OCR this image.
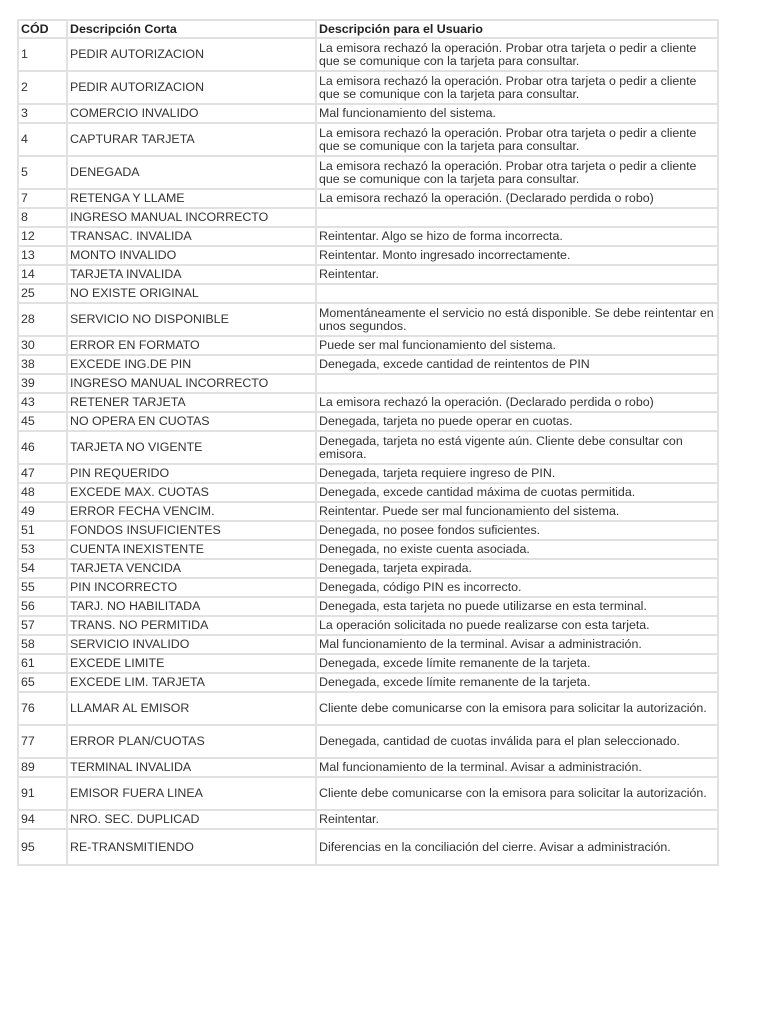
CÓD	Descripción Corta	Descripción para el Usuario
1	PEDIR AUTORIZACION	La emisora rechazó la operación. Probar otra tarjeta o pedir a cliente que se comunique con la tarjeta para consultar.
2	PEDIR AUTORIZACION	La emisora rechazó la operación. Probar otra tarjeta o pedir a cliente que se comunique con la tarjeta para consultar.
3	COMERCIO INVALIDO	Mal funcionamiento del sistema.
4	CAPTURAR TARJETA	La emisora rechazó la operación. Probar otra tarjeta o pedir a cliente que se comunique con la tarjeta para consultar.
5	DENEGADA	La emisora rechazó la operación. Probar otra tarjeta o pedir a cliente que se comunique con la tarjeta para consultar.
7	RETENGA Y LLAME	La emisora rechazó la operación. (Declarado perdida o robo)
8	INGRESO MANUAL INCORRECTO	
12	TRANSAC. INVALIDA	Reintentar. Algo se hizo de forma incorrecta.
13	MONTO INVALIDO	Reintentar. Monto ingresado incorrectamente.
14	TARJETA INVALIDA	Reintentar.
25	NO EXISTE ORIGINAL	
28	SERVICIO NO DISPONIBLE	Momentáneamente el servicio no está disponible. Se debe reintentar en unos segundos.
30	ERROR EN FORMATO	Puede ser mal funcionamiento del sistema.
38	EXCEDE ING.DE PIN	Denegada, excede cantidad de reintentos de PIN
39	INGRESO MANUAL INCORRECTO	
43	RETENER TARJETA	La emisora rechazó la operación. (Declarado perdida o robo)
45	NO OPERA EN CUOTAS	Denegada, tarjeta no puede operar en cuotas.
46	TARJETA NO VIGENTE	Denegada, tarjeta no está vigente aún. Cliente debe consultar con emisora.
47	PIN REQUERIDO	Denegada, tarjeta requiere ingreso de PIN.
48	EXCEDE MAX. CUOTAS	Denegada, excede cantidad máxima de cuotas permitida.
49	ERROR FECHA VENCIM.	Reintentar. Puede ser mal funcionamiento del sistema.
51	FONDOS INSUFICIENTES	Denegada, no posee fondos suficientes.
53	CUENTA INEXISTENTE	Denegada, no existe cuenta asociada.
54	TARJETA VENCIDA	Denegada, tarjeta expirada.
55	PIN INCORRECTO	Denegada, código PIN es incorrecto.
56	TARJ. NO HABILITADA	Denegada, esta tarjeta no puede utilizarse en esta terminal.
57	TRANS. NO PERMITIDA	La operación solicitada no puede realizarse con esta tarjeta.
58	SERVICIO INVALIDO	Mal funcionamiento de la terminal. Avisar a administración.
61	EXCEDE LIMITE	Denegada, excede límite remanente de la tarjeta.
65	EXCEDE LIM. TARJETA	Denegada, excede límite remanente de la tarjeta.
76	LLAMAR AL EMISOR	Cliente debe comunicarse con la emisora para solicitar la autorización.
77	ERROR PLAN/CUOTAS	Denegada, cantidad de cuotas inválida para el plan seleccionado.
89	TERMINAL INVALIDA	Mal funcionamiento de la terminal. Avisar a administración.
91	EMISOR FUERA LINEA	Cliente debe comunicarse con la emisora para solicitar la autorización.
94	NRO. SEC. DUPLICAD	Reintentar.
95	RE-TRANSMITIENDO	Diferencias en la conciliación del cierre. Avisar a administración.
